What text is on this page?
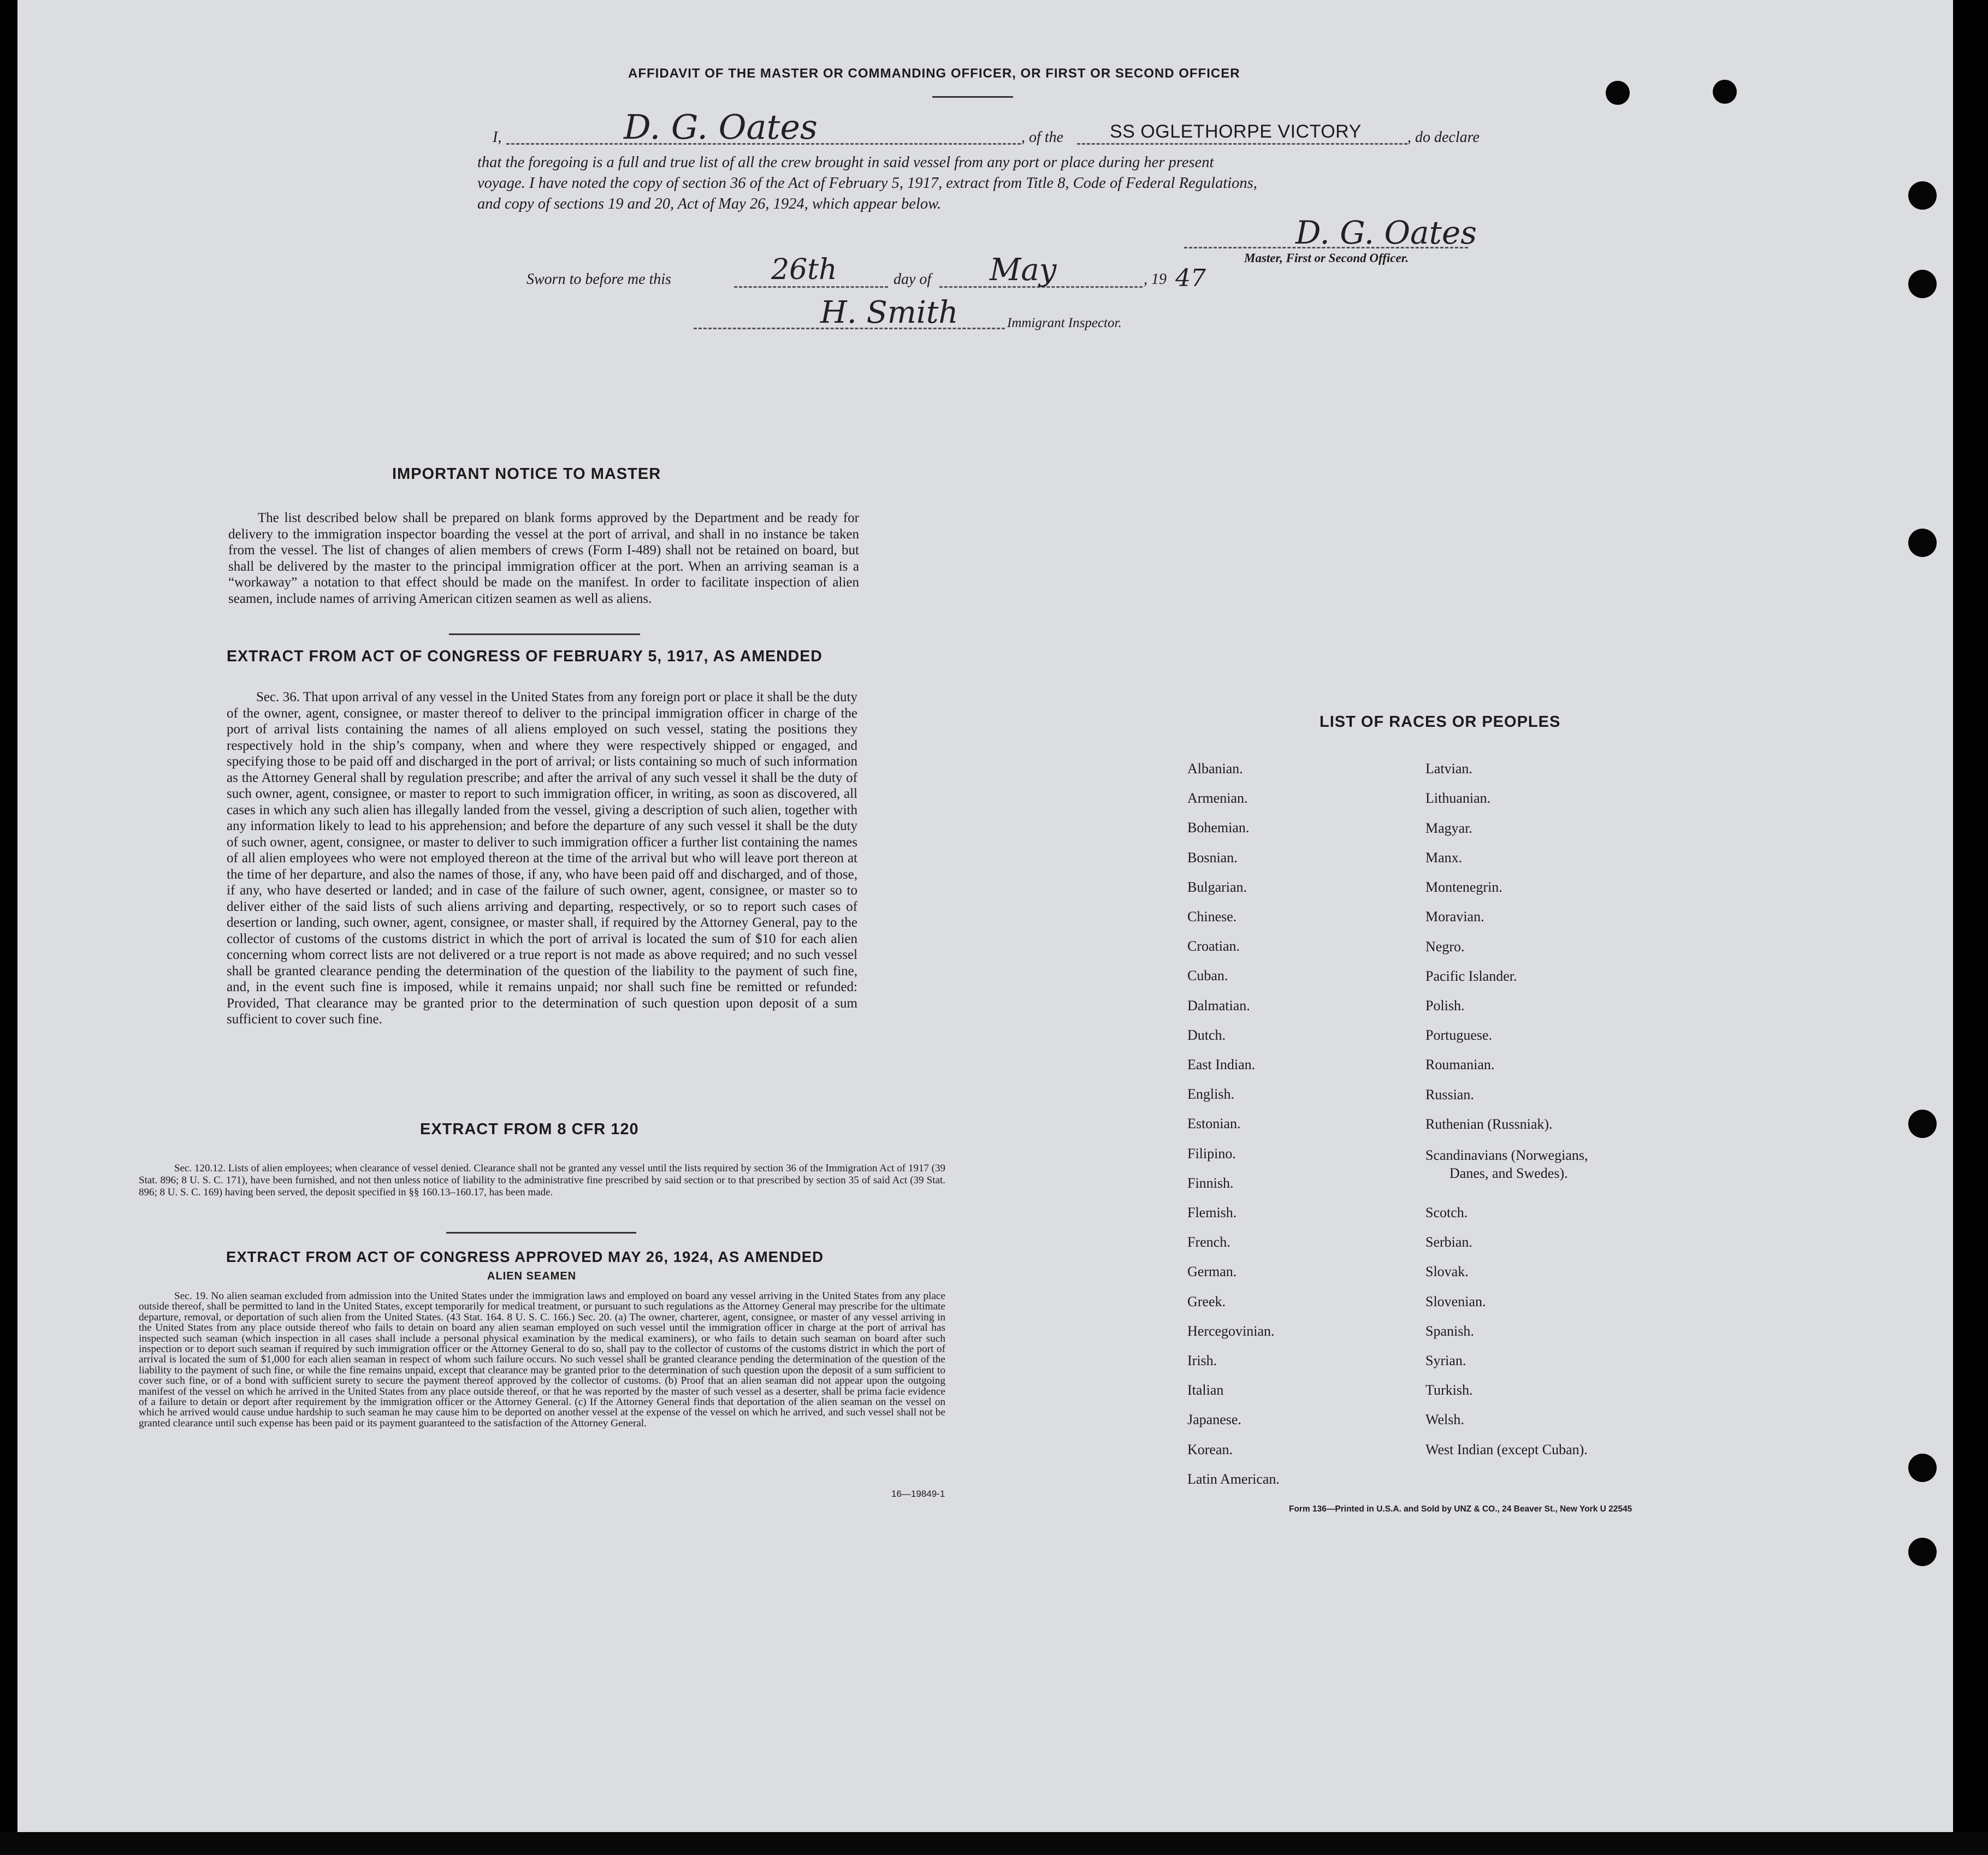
AFFIDAVIT OF THE MASTER OR COMMANDING OFFICER, OR FIRST OR SECOND OFFICER
I,	D. G. Oates	, of the	SS OGLETHORPE VICTORY	, do declare
that the foregoing is a full and true list of all the crew brought in said vessel from any port or place during her present
voyage. I have noted the copy of section 36 of the Act of February 5, 1917, extract from Title 8, Code of Federal Regulations,
and copy of sections 19 and 20, Act of May 26, 1924, which appear below.
D. G. Oates
Master, First or Second Officer.
Sworn to before me this	26th	day of May	, 19 47
H. Smith	Immigrant Inspector.
IMPORTANT NOTICE TO MASTER
The list described below shall be prepared on blank forms approved by the Department and be ready for delivery to the immigration inspector boarding the vessel at the port of arrival, and shall in no instance be taken from the vessel. The list of changes of alien members of crews (Form I-489) shall not be retained on board, but shall be delivered by the master to the principal immigration officer at the port. When an arriving seaman is a “workaway” a notation to that effect should be made on the manifest. In order to facilitate inspection of alien seamen, include names of arriving American citizen seamen as well as aliens.
EXTRACT FROM ACT OF CONGRESS OF FEBRUARY 5, 1917, AS AMENDED
Sec. 36. That upon arrival of any vessel in the United States from any foreign port or place it shall be the duty of the owner, agent, consignee, or master thereof to deliver to the principal immigration officer in charge of the port of arrival lists containing the names of all aliens employed on such vessel, stating the positions they respectively hold in the ship’s company, when and where they were respectively shipped or engaged, and specifying those to be paid off and discharged in the port of arrival; or lists containing so much of such information as the Attorney General shall by regulation prescribe; and after the arrival of any such vessel it shall be the duty of such owner, agent, consignee, or master to report to such immigration officer, in writing, as soon as discovered, all cases in which any such alien has illegally landed from the vessel, giving a description of such alien, together with any information likely to lead to his apprehension; and before the departure of any such vessel it shall be the duty of such owner, agent, consignee, or master to deliver to such immigration officer a further list containing the names of all alien employees who were not employed thereon at the time of the arrival but who will leave port thereon at the time of her departure, and also the names of those, if any, who have been paid off and discharged, and of those, if any, who have deserted or landed; and in case of the failure of such owner, agent, consignee, or master so to deliver either of the said lists of such aliens arriving and departing, respectively, or so to report such cases of desertion or landing, such owner, agent, consignee, or master shall, if required by the Attorney General, pay to the collector of customs of the customs district in which the port of arrival is located the sum of $10 for each alien concerning whom correct lists are not delivered or a true report is not made as above required; and no such vessel shall be granted clearance pending the determination of the question of the liability to the payment of such fine, and, in the event such fine is imposed, while it remains unpaid; nor shall such fine be remitted or refunded: Provided, That clearance may be granted prior to the determination of such question upon deposit of a sum sufficient to cover such fine.
EXTRACT FROM 8 CFR 120
Sec. 120.12. Lists of alien employees; when clearance of vessel denied. Clearance shall not be granted any vessel until the lists required by section 36 of the Immigration Act of 1917 (39 Stat. 896; 8 U. S. C. 171), have been furnished, and not then unless notice of liability to the administrative fine prescribed by said section or to that prescribed by section 35 of said Act (39 Stat. 896; 8 U. S. C. 169) having been served, the deposit specified in §§ 160.13–160.17, has been made.
EXTRACT FROM ACT OF CONGRESS APPROVED MAY 26, 1924, AS AMENDED
ALIEN SEAMEN
Sec. 19. No alien seaman excluded from admission into the United States under the immigration laws and employed on board any vessel arriving in the United States from any place outside thereof, shall be permitted to land in the United States, except temporarily for medical treatment, or pursuant to such regulations as the Attorney General may prescribe for the ultimate departure, removal, or deportation of such alien from the United States. (43 Stat. 164. 8 U. S. C. 166.) Sec. 20. (a) The owner, charterer, agent, consignee, or master of any vessel arriving in the United States from any place outside thereof who fails to detain on board any alien seaman employed on such vessel until the immigration officer in charge at the port of arrival has inspected such seaman (which inspection in all cases shall include a personal physical examination by the medical examiners), or who fails to detain such seaman on board after such inspection or to deport such seaman if required by such immigration officer or the Attorney General to do so, shall pay to the collector of customs of the customs district in which the port of arrival is located the sum of $1,000 for each alien seaman in respect of whom such failure occurs. No such vessel shall be granted clearance pending the determination of the question of the liability to the payment of such fine, or while the fine remains unpaid, except that clearance may be granted prior to the determination of such question upon the deposit of a sum sufficient to cover such fine, or of a bond with sufficient surety to secure the payment thereof approved by the collector of customs. (b) Proof that an alien seaman did not appear upon the outgoing manifest of the vessel on which he arrived in the United States from any place outside thereof, or that he was reported by the master of such vessel as a deserter, shall be prima facie evidence of a failure to detain or deport after requirement by the immigration officer or the Attorney General. (c) If the Attorney General finds that deportation of the alien seaman on the vessel on which he arrived would cause undue hardship to such seaman he may cause him to be deported on another vessel at the expense of the vessel on which he arrived, and such vessel shall not be granted clearance until such expense has been paid or its payment guaranteed to the satisfaction of the Attorney General.
16—19849-1
LIST OF RACES OR PEOPLES
Form 136—Printed in U.S.A. and Sold by UNZ & CO., 24 Beaver St., New York U 22545
Albanian.
Armenian.
Bohemian.
Bosnian.
Bulgarian.
Chinese.
Croatian.
Cuban.
Dalmatian.
Dutch.
East Indian.
English.
Estonian.
Filipino.
Finnish.
Flemish.
French.
German.
Greek.
Hercegovinian.
Irish.
Italian
Japanese.
Korean.
Latin American.
Latvian.
Lithuanian.
Magyar.
Manx.
Montenegrin.
Moravian.
Negro.
Pacific Islander.
Polish.
Portuguese.
Roumanian.
Russian.
Ruthenian (Russniak).
Scandinavians (Norwegians,
Danes, and Swedes).
Scotch.
Serbian.
Slovak.
Slovenian.
Spanish.
Syrian.
Turkish.
Welsh.
West Indian (except Cuban).
